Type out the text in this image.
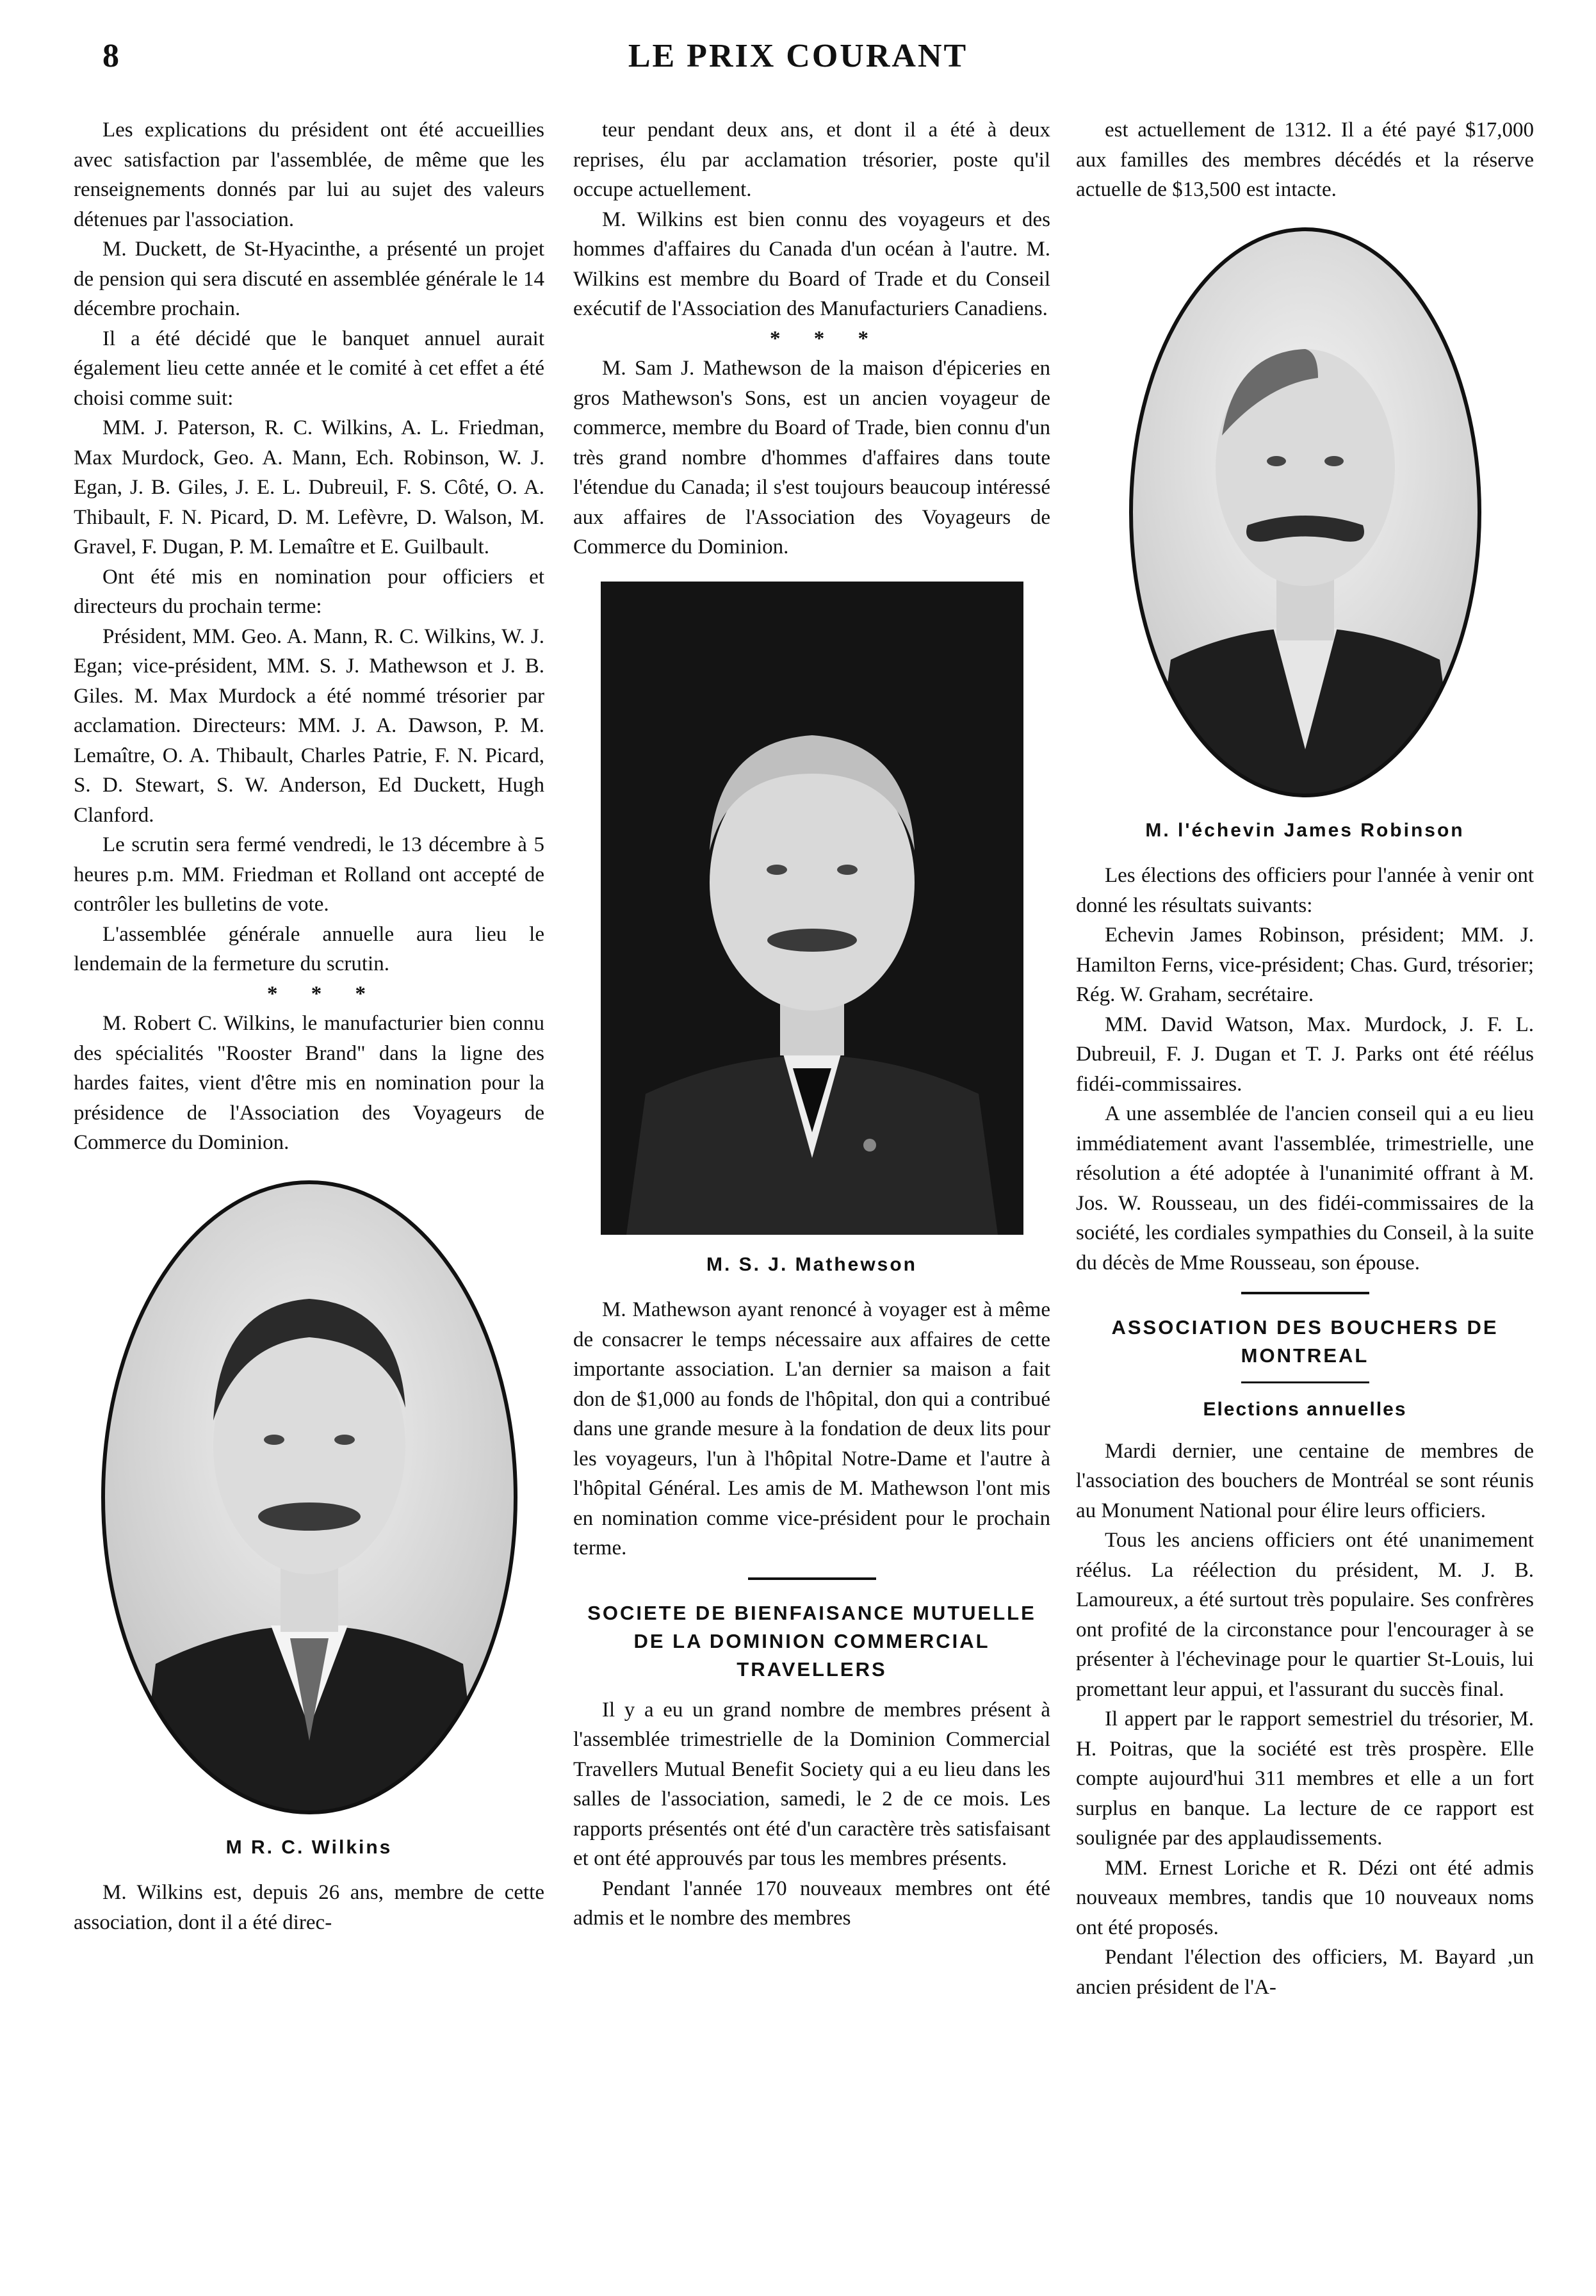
8	LE PRIX COURANT

Les explications du président ont été accueillies avec satisfaction par l'assemblée, de même que les renseignements donnés par lui au sujet des valeurs détenues par l'association.

M. Duckett, de St-Hyacinthe, a présenté un projet de pension qui sera discuté en assemblée générale le 14 décembre prochain.

Il a été décidé que le banquet annuel aurait également lieu cette année et le comité à cet effet a été choisi comme suit:

MM. J. Paterson, R. C. Wilkins, A. L. Friedman, Max Murdock, Geo. A. Mann, Ech. Robinson, W. J. Egan, J. B. Giles, J. E. L. Dubreuil, F. S. Côté, O. A. Thibault, F. N. Picard, D. M. Lefèvre, D. Walson, M. Gravel, F. Dugan, P. M. Lemaître et E. Guilbault.

Ont été mis en nomination pour officiers et directeurs du prochain terme:

Président, MM. Geo. A. Mann, R. C. Wilkins, W. J. Egan; vice-président, MM. S. J. Mathewson et J. B. Giles. M. Max Murdock a été nommé trésorier par acclamation. Directeurs: MM. J. A. Dawson, P. M. Lemaître, O. A. Thibault, Charles Patrie, F. N. Picard, S. D. Stewart, S. W. Anderson, Ed Duckett, Hugh Clanford.

Le scrutin sera fermé vendredi, le 13 décembre à 5 heures p.m. MM. Friedman et Rolland ont accepté de contrôler les bulletins de vote.

L'assemblée générale annuelle aura lieu le lendemain de la fermeture du scrutin.

* * *

M. Robert C. Wilkins, le manufacturier bien connu des spécialités "Rooster Brand" dans la ligne des hardes faites, vient d'être mis en nomination pour la présidence de l'Association des Voyageurs de Commerce du Dominion.

M R. C. Wilkins

M. Wilkins est, depuis 26 ans, membre de cette association, dont il a été direc-

teur pendant deux ans, et dont il a été à deux reprises, élu par acclamation trésorier, poste qu'il occupe actuellement.

M. Wilkins est bien connu des voyageurs et des hommes d'affaires du Canada d'un océan à l'autre. M. Wilkins est membre du Board of Trade et du Conseil exécutif de l'Association des Manufacturiers Canadiens.

* * *

M. Sam J. Mathewson de la maison d'épiceries en gros Mathewson's Sons, est un ancien voyageur de commerce, membre du Board of Trade, bien connu d'un très grand nombre d'hommes d'affaires dans toute l'étendue du Canada; il s'est toujours beaucoup intéressé aux affaires de l'Association des Voyageurs de Commerce du Dominion.

M. S. J. Mathewson

M. Mathewson ayant renoncé à voyager est à même de consacrer le temps nécessaire aux affaires de cette importante association. L'an dernier sa maison a fait don de $1,000 au fonds de l'hôpital, don qui a contribué dans une grande mesure à la fondation de deux lits pour les voyageurs, l'un à l'hôpital Notre-Dame et l'autre à l'hôpital Général. Les amis de M. Mathewson l'ont mis en nomination comme vice-président pour le prochain terme.

SOCIETE DE BIENFAISANCE MUTUELLE DE LA DOMINION COMMERCIAL TRAVELLERS

Il y a eu un grand nombre de membres présent à l'assemblée trimestrielle de la Dominion Commercial Travellers Mutual Benefit Society qui a eu lieu dans les salles de l'association, samedi, le 2 de ce mois. Les rapports présentés ont été d'un caractère très satisfaisant et ont été approuvés par tous les membres présents.

Pendant l'année 170 nouveaux membres ont été admis et le nombre des membres

est actuellement de 1312. Il a été payé $17,000 aux familles des membres décédés et la réserve actuelle de $13,500 est intacte.

M. l'échevin James Robinson

Les élections des officiers pour l'année à venir ont donné les résultats suivants:

Echevin James Robinson, président; MM. J. Hamilton Ferns, vice-président; Chas. Gurd, trésorier; Rég. W. Graham, secrétaire.

MM. David Watson, Max. Murdock, J. F. L. Dubreuil, F. J. Dugan et T. J. Parks ont été réélus fidéi-commissaires.

A une assemblée de l'ancien conseil qui a eu lieu immédiatement avant l'assemblée, trimestrielle, une résolution a été adoptée à l'unanimité offrant à M. Jos. W. Rousseau, un des fidéi-commissaires de la société, les cordiales sympathies du Conseil, à la suite du décès de Mme Rousseau, son épouse.

ASSOCIATION DES BOUCHERS DE MONTREAL
Elections annuelles

Mardi dernier, une centaine de membres de l'association des bouchers de Montréal se sont réunis au Monument National pour élire leurs officiers.

Tous les anciens officiers ont été unanimement réélus. La réélection du président, M. J. B. Lamoureux, a été surtout très populaire. Ses confrères ont profité de la circonstance pour l'encourager à se présenter à l'échevinage pour le quartier St-Louis, lui promettant leur appui, et l'assurant du succès final.

Il appert par le rapport semestriel du trésorier, M. H. Poitras, que la société est très prospère. Elle compte aujourd'hui 311 membres et elle a un fort surplus en banque. La lecture de ce rapport est soulignée par des applaudissements.

MM. Ernest Loriche et R. Dézi ont été admis nouveaux membres, tandis que 10 nouveaux noms ont été proposés.

Pendant l'élection des officiers, M. Bayard ,un ancien président de l'A-
